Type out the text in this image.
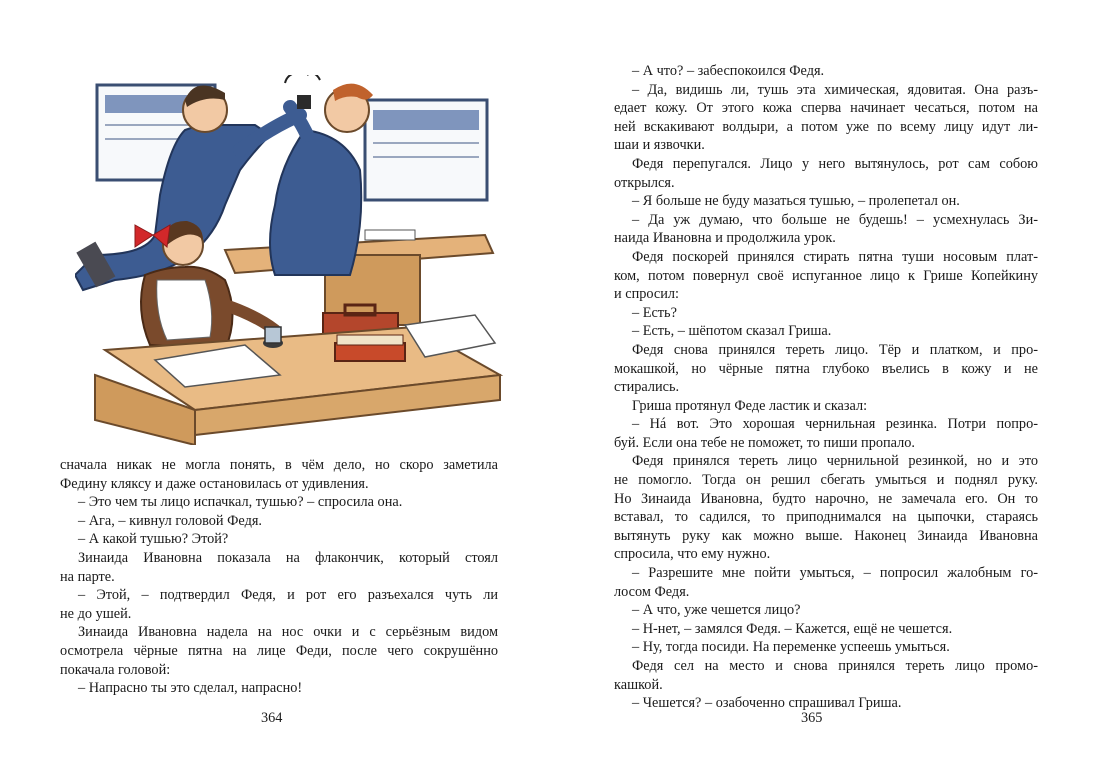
сначала никак не могла понять, в чём дело, но скоро заметила

Федину кляксу и даже остановилась от удивления.

– Это чем ты лицо испачкал, тушью? – спросила она.

– Ага, – кивнул головой Федя.

– А какой тушью? Этой?

Зинаида Ивановна показала на флакончик, который стоял

на парте.

– Этой, – подтвердил Федя, и рот его разъехался чуть ли

не до ушей.

Зинаида Ивановна надела на нос очки и с серьёзным видом

осмотрела чёрные пятна на лице Феди, после чего сокрушённо

покачала головой:

– Напрасно ты это сделал, напрасно!

364

– А что? – забеспокоился Федя.

– Да, видишь ли, тушь эта химическая, ядовитая. Она разъ-

едает кожу. От этого кожа сперва начинает чесаться, потом на

ней вскакивают волдыри, а потом уже по всему лицу идут ли-

шаи и язвочки.

Федя перепугался. Лицо у него вытянулось, рот сам собою

открылся.

– Я больше не буду мазаться тушью, – пролепетал он.

– Да уж думаю, что больше не будешь! – усмехнулась Зи-

наида Ивановна и продолжила урок.

Федя поскорей принялся стирать пятна туши носовым плат-

ком, потом повернул своё испуганное лицо к Грише Копейкину

и спросил:

– Есть?

– Есть, – шёпотом сказал Гриша.

Федя снова принялся тереть лицо. Тёр и платком, и про-

мокашкой, но чёрные пятна глубоко въелись в кожу и не

стирались.

Гриша протянул Феде ластик и сказал:

– Нá вот. Это хорошая чернильная резинка. Потри попро-

буй. Если она тебе не поможет, то пиши пропало.

Федя принялся тереть лицо чернильной резинкой, но и это

не помогло. Тогда он решил сбегать умыться и поднял руку.

Но Зинаида Ивановна, будто нарочно, не замечала его. Он то

вставал, то садился, то приподнимался на цыпочки, стараясь

вытянуть руку как можно выше. Наконец Зинаида Ивановна

спросила, что ему нужно.

– Разрешите мне пойти умыться, – попросил жалобным го-

лосом Федя.

– А что, уже чешется лицо?

– Н-нет, – замялся Федя. – Кажется, ещё не чешется.

– Ну, тогда посиди. На переменке успеешь умыться.

Федя сел на место и снова принялся тереть лицо промо-

кашкой.

– Чешется? – озабоченно спрашивал Гриша.

365
